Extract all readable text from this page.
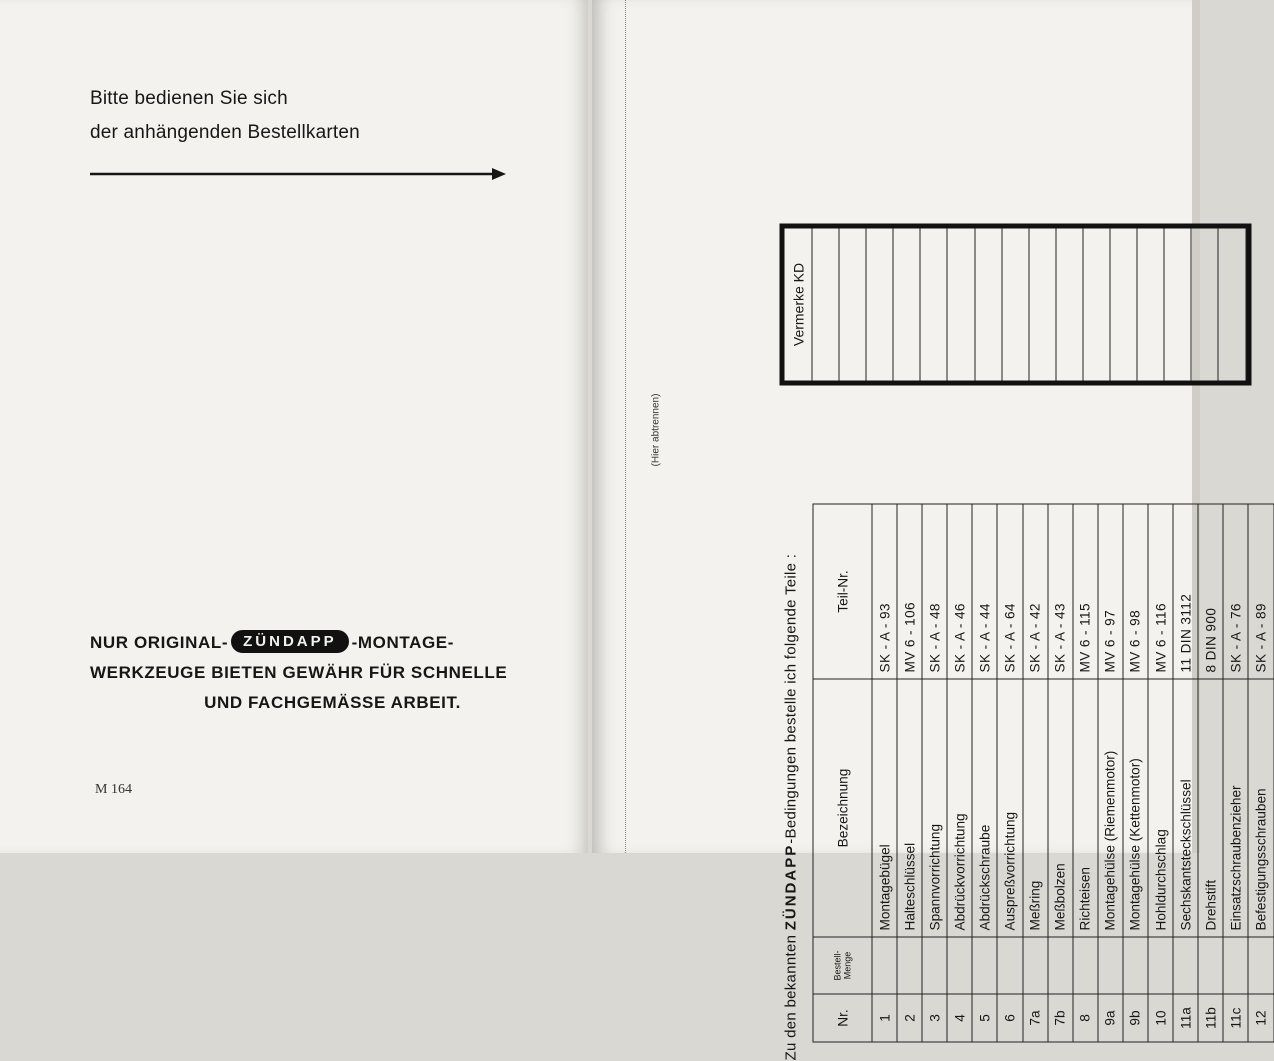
Bitte bedienen Sie sich
der anhängenden Bestellkarten
NUR ORIGINAL- ZÜNDAPP -MONTAGE-
WERKZEUGE BIETEN GEWÄHR FÜR SCHNELLE
UND FACHGEMÄSSE ARBEIT.
M 164
(Hier abtrennen)
Zu den bekannten ZÜNDAPP-Bedingungen bestelle ich folgende Teile :
Nr.	Bestell- Menge	Bezeichnung	Teil-Nr.
1		Montagebügel	SK - A - 93
2		Halteschlüssel	MV 6 - 106
3		Spannvorrichtung	SK - A - 48
4		Abdrückvorrichtung	SK - A - 46
5		Abdrückschraube	SK - A - 44
6		Auspreßvorrichtung	SK - A - 64
7a		Meßring	SK - A - 42
7b		Meßbolzen	SK - A - 43
8		Richteisen	MV 6 - 115
9a		Montagehülse (Riemenmotor)	MV 6 - 97
9b		Montagehülse (Kettenmotor)	MV 6 - 98
10		Hohldurchschlag	MV 6 - 116
11a		Sechskantsteckschlüssel	11 DIN 3112
11b		Drehstift	8 DIN 900
11c		Einsatzschraubenzieher	SK - A - 76
12		Befestigungsschrauben	SK - A - 89
Vermerke KD
